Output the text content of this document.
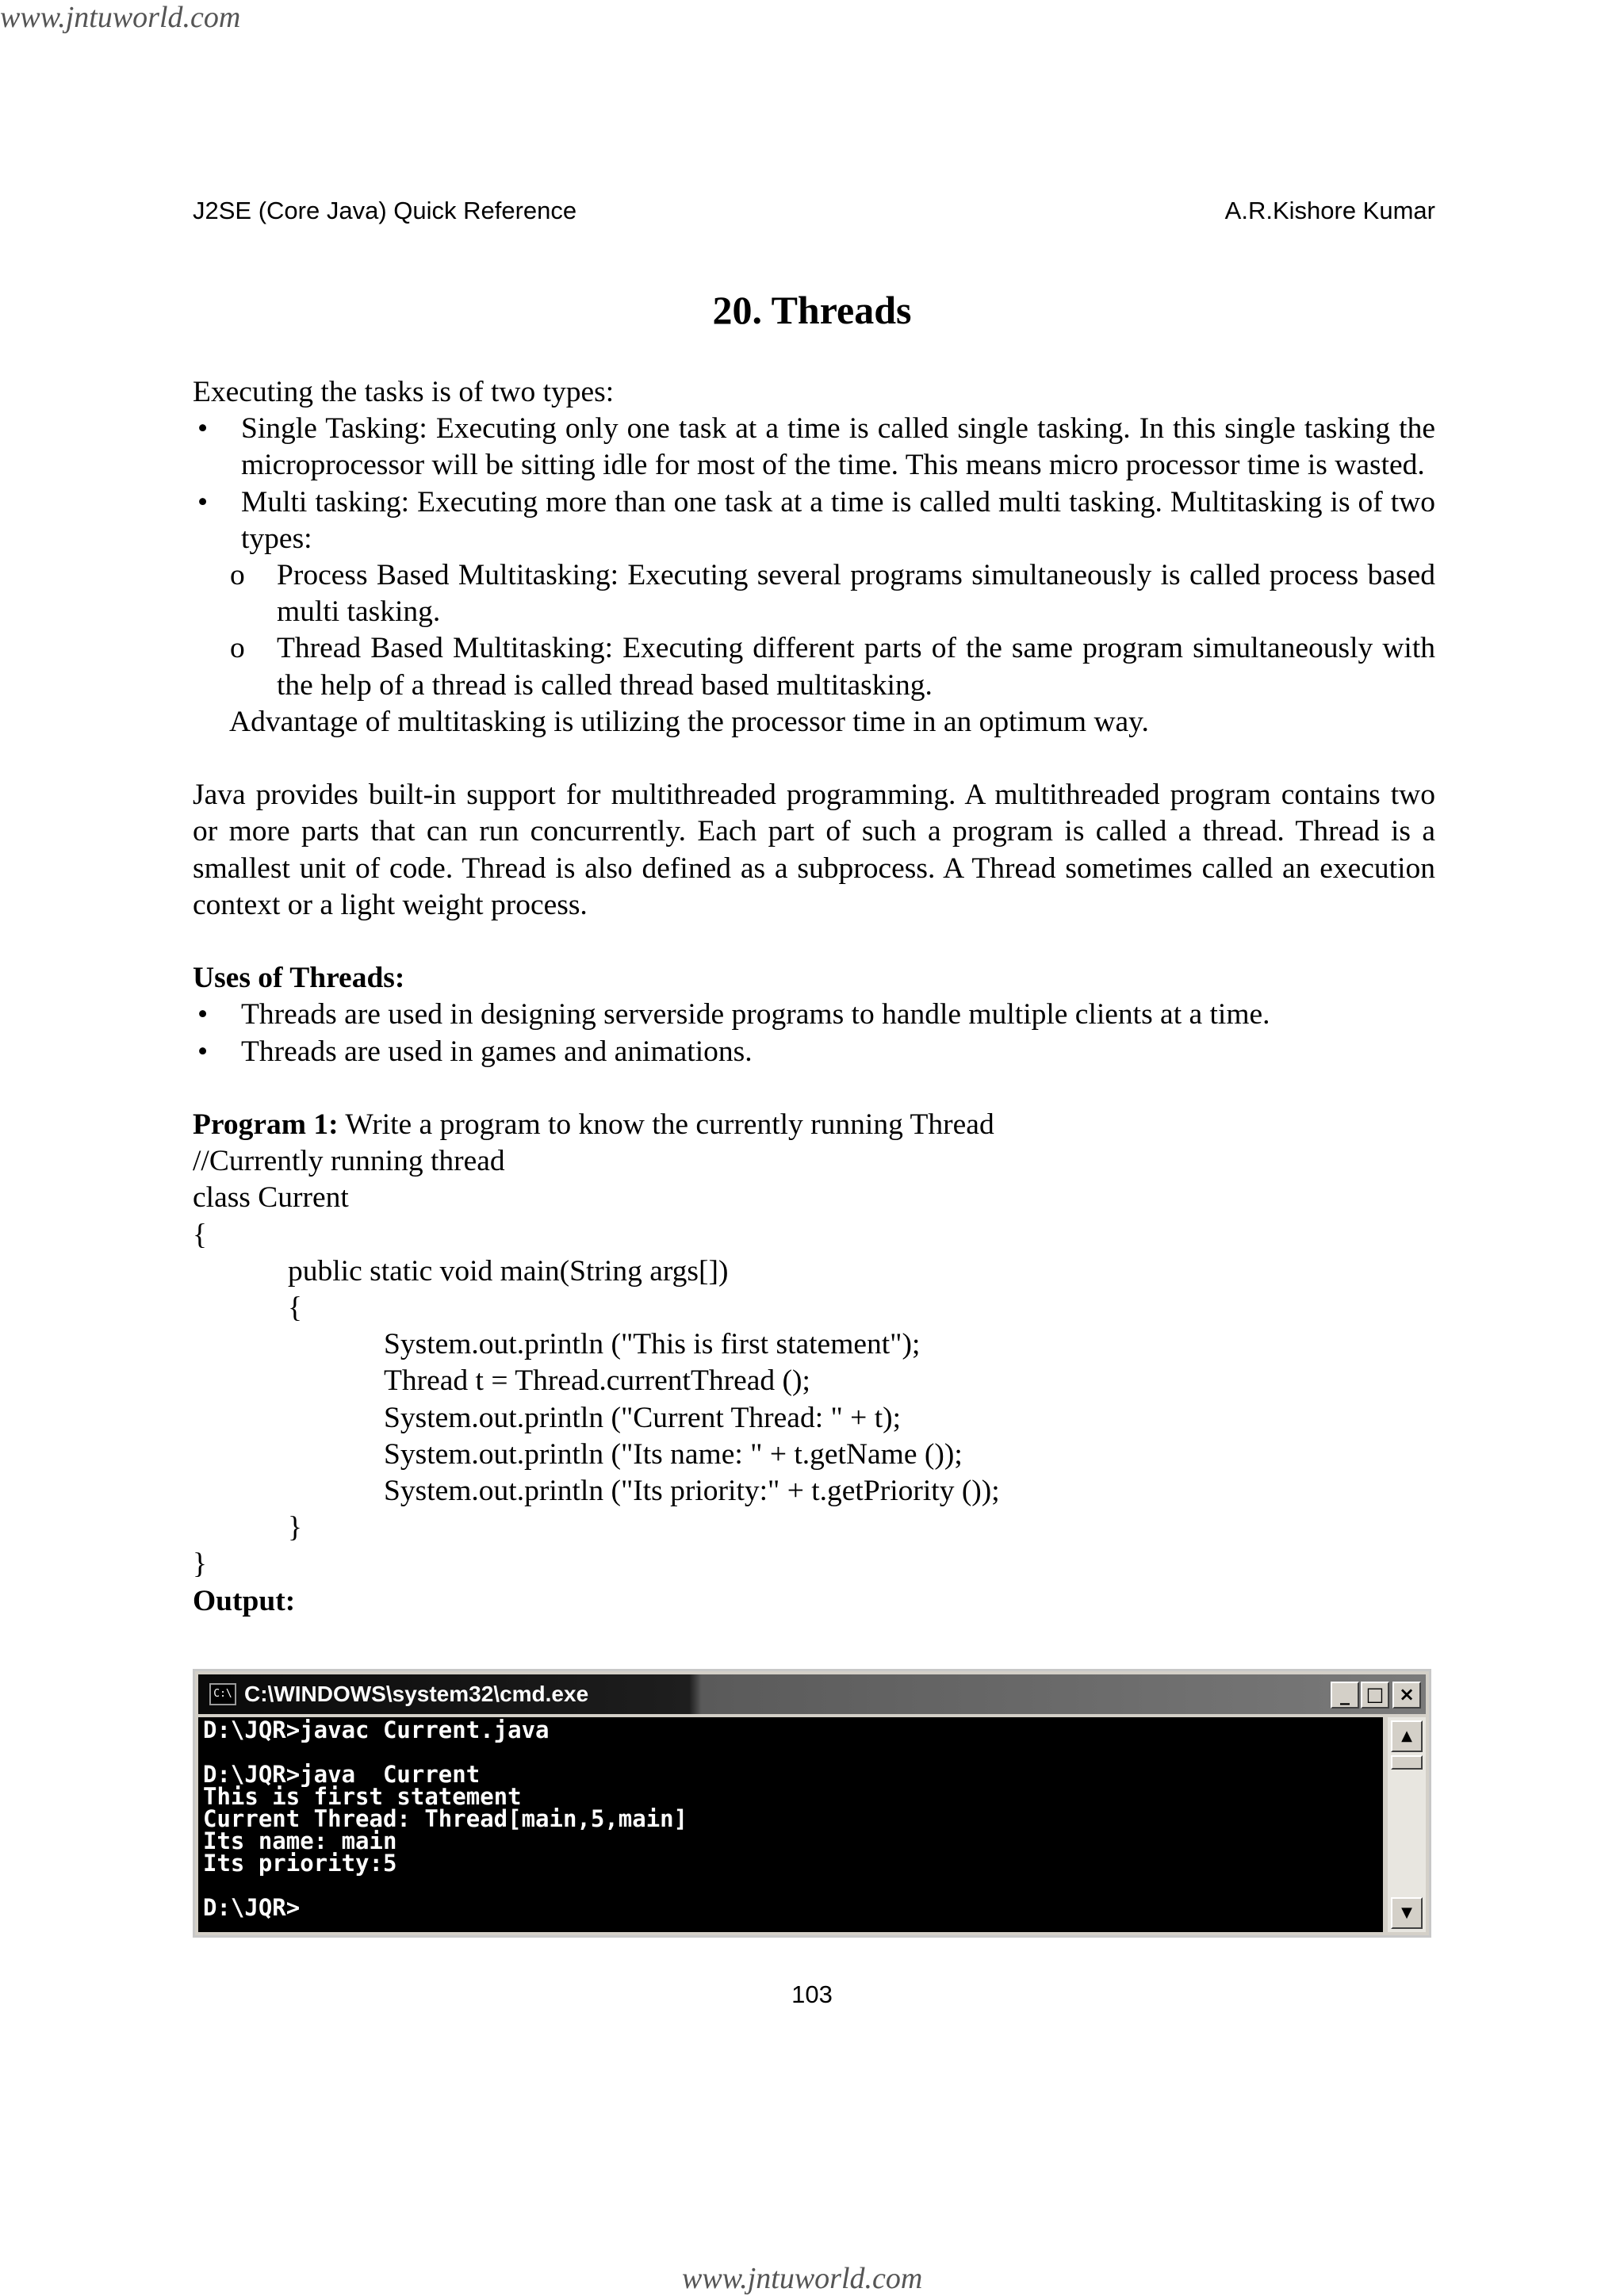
www.jntuworld.com
J2SE (Core Java) Quick Reference	A.R.Kishore Kumar
20. Threads

Executing the tasks is of two types:

• Single Tasking: Executing only one task at a time is called single tasking. In this single tasking the microprocessor will be sitting idle for most of the time. This means micro processor time is wasted.
• Multi tasking: Executing more than one task at a time is called multi tasking. Multitasking is of two types:
o Process Based Multitasking: Executing several programs simultaneously is called process based multi tasking.
o Thread Based Multitasking: Executing different parts of the same program simultaneously with the help of a thread is called thread based multitasking.

Advantage of multitasking is utilizing the processor time in an optimum way.

Java provides built-in support for multithreaded programming. A multithreaded program contains two or more parts that can run concurrently. Each part of such a program is called a thread. Thread is a smallest unit of code. Thread is also defined as a subprocess. A Thread sometimes called an execution context or a light weight process.

Uses of Threads:

• Threads are used in designing serverside programs to handle multiple clients at a time.
• Threads are used in games and animations.

Program 1: Write a program to know the currently running Thread

//Currently running thread

class Current

{

public static void main(String args[])

{

System.out.println ("This is first statement");

Thread t = Thread.currentThread ();

System.out.println ("Current Thread: " + t);

System.out.println ("Its name: " + t.getName ());

System.out.println ("Its priority:" + t.getPriority ());

}

}

Output:

C:\ C:\WINDOWS\system32\cmd.exe	_ □ ×
D:\JQR>javac Current.java

D:\JQR>java  Current
This is first statement
Current Thread: Thread[main,5,main]
Its name: main
Its priority:5

D:\JQR>
▲
▼
103
www.jntuworld.com
